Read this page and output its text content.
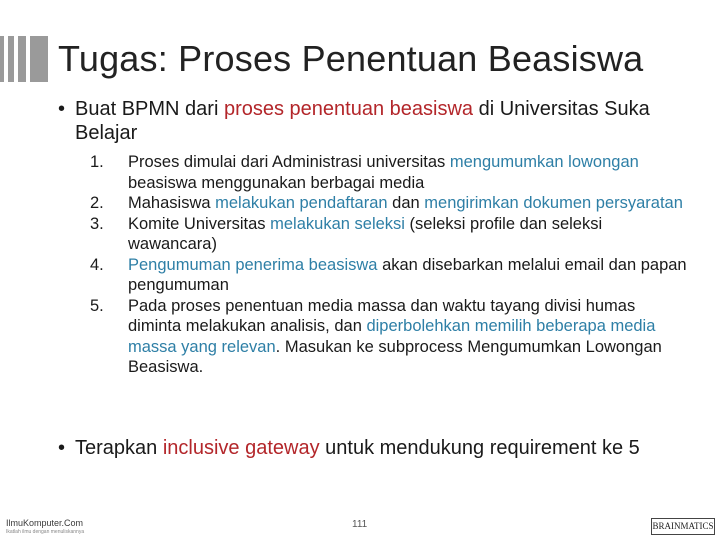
Tugas: Proses Penentuan Beasiswa
• Buat BPMN dari proses penentuan beasiswa di Universitas Suka Belajar
1. Proses dimulai dari Administrasi universitas mengumumkan lowongan beasiswa menggunakan berbagai media
2. Mahasiswa melakukan pendaftaran dan mengirimkan dokumen persyaratan
3. Komite Universitas melakukan seleksi (seleksi profile dan seleksi wawancara)
4. Pengumuman penerima beasiswa akan disebarkan melalui email dan papan pengumuman
5. Pada proses penentuan media massa dan waktu tayang divisi humas diminta melakukan analisis, dan diperbolehkan memilih beberapa media massa yang relevan. Masukan ke subprocess Mengumumkan Lowongan Beasiswa.
• Terapkan inclusive gateway untuk mendukung requirement ke 5
IlmuKomputer.Com
Ikatlah ilmu dengan menuliskannya
111	BRAINMATICS
